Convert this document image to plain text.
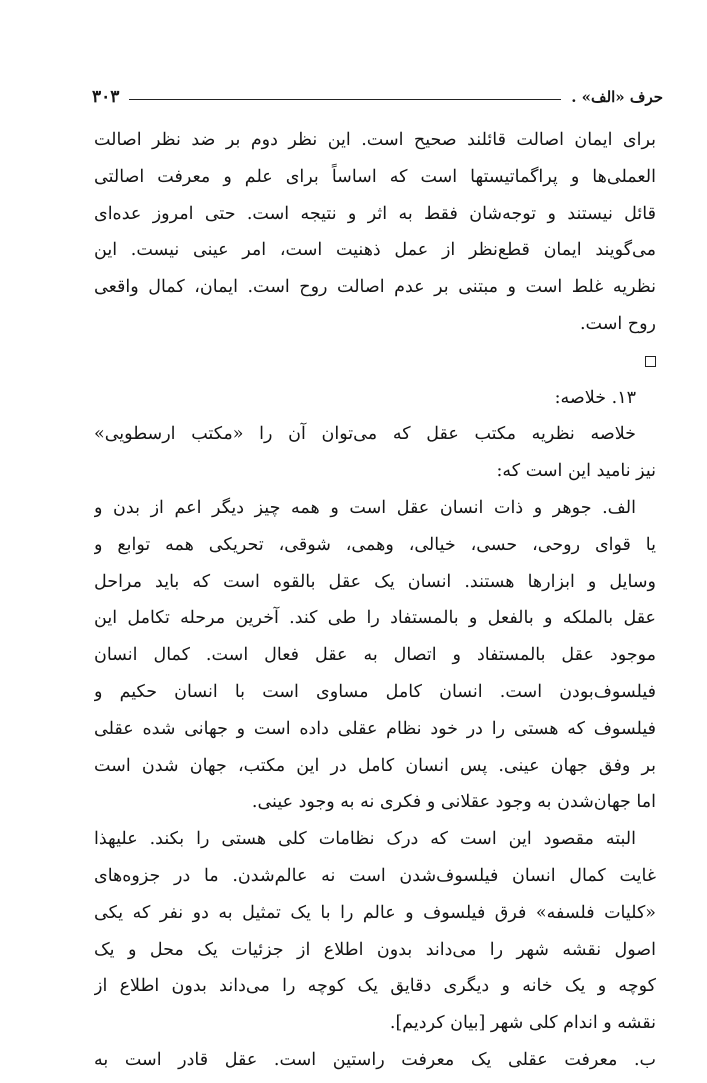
حرف «الف» .
۳۰۳
برای ایمان اصالت قائلند صحیح است. این نظر دوم بر ضد نظر اصالت
العملی‌ها و پراگماتیستها است که اساساً برای علم و معرفت اصالتی
قائل نیستند و توجه‌شان فقط به اثر و نتیجه است. حتی امروز عده‌ای
می‌گویند ایمان قطع‌نظر از عمل ذهنیت است، امر عینی نیست. این
نظریه غلط است و مبتنی بر عدم اصالت روح است. ایمان، کمال واقعی
روح است.
۱۳. خلاصه:
خلاصه نظریه مکتب عقل که می‌توان آن را «مکتب ارسطویی»
نیز نامید این است که:
الف. جوهر و ذات انسان عقل است و همه چیز دیگر اعم از بدن و
یا قوای روحی، حسی، خیالی، وهمی، شوقی، تحریکی همه توابع و
وسایل و ابزارها هستند. انسان یک عقل بالقوه است که باید مراحل
عقل بالملکه و بالفعل و بالمستفاد را طی کند. آخرین مرحله تکامل این
موجود عقل بالمستفاد و اتصال به عقل فعال است. کمال انسان
فیلسوف‌بودن است. انسان کامل مساوی است با انسان حکیم و
فیلسوف که هستی را در خود نظام عقلی داده است و جهانی شده عقلی
بر وفق جهان عینی. پس انسان کامل در این مکتب، جهان شدن است
اما جهان‌شدن به وجود عقلانی و فکری نه به وجود عینی.
البته مقصود این است که درک نظامات کلی هستی را بکند. علیهذا
غایت کمال انسان فیلسوف‌شدن است نه عالم‌شدن. ما در جزوه‌های
«کلیات فلسفه» فرق فیلسوف و عالم را با یک تمثیل به دو نفر که یکی
اصول نقشه شهر را می‌داند بدون اطلاع از جزئیات یک محل و یک
کوچه و یک خانه و دیگری دقایق یک کوچه را می‌داند بدون اطلاع از
نقشه و اندام کلی شهر [بیان کردیم].
ب. معرفت عقلی یک معرفت راستین است. عقل قادر است به
